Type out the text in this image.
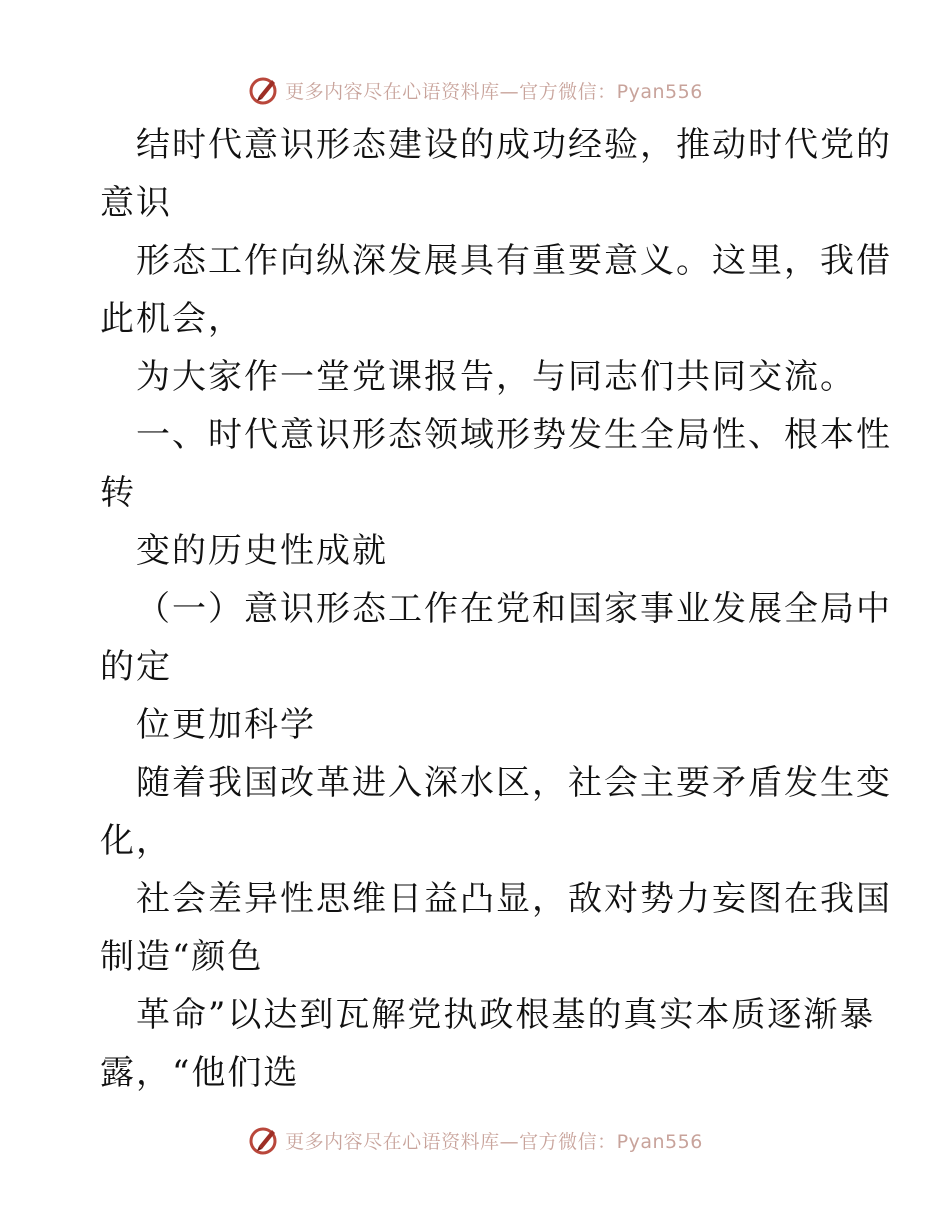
更多内容尽在心语资料库—官方微信：Pyan556
结时代意识形态建设的成功经验，推动时代党的
意识
形态工作向纵深发展具有重要意义。这里，我借
此机会，
为大家作一堂党课报告，与同志们共同交流。
一、时代意识形态领域形势发生全局性、根本性
转
变的历史性成就
（一）意识形态工作在党和国家事业发展全局中
的定
位更加科学
随着我国改革进入深水区，社会主要矛盾发生变
化，
社会差异性思维日益凸显，敌对势力妄图在我国
制造“颜色
革命”以达到瓦解党执政根基的真实本质逐渐暴
露，“他们选
更多内容尽在心语资料库—官方微信：Pyan556
